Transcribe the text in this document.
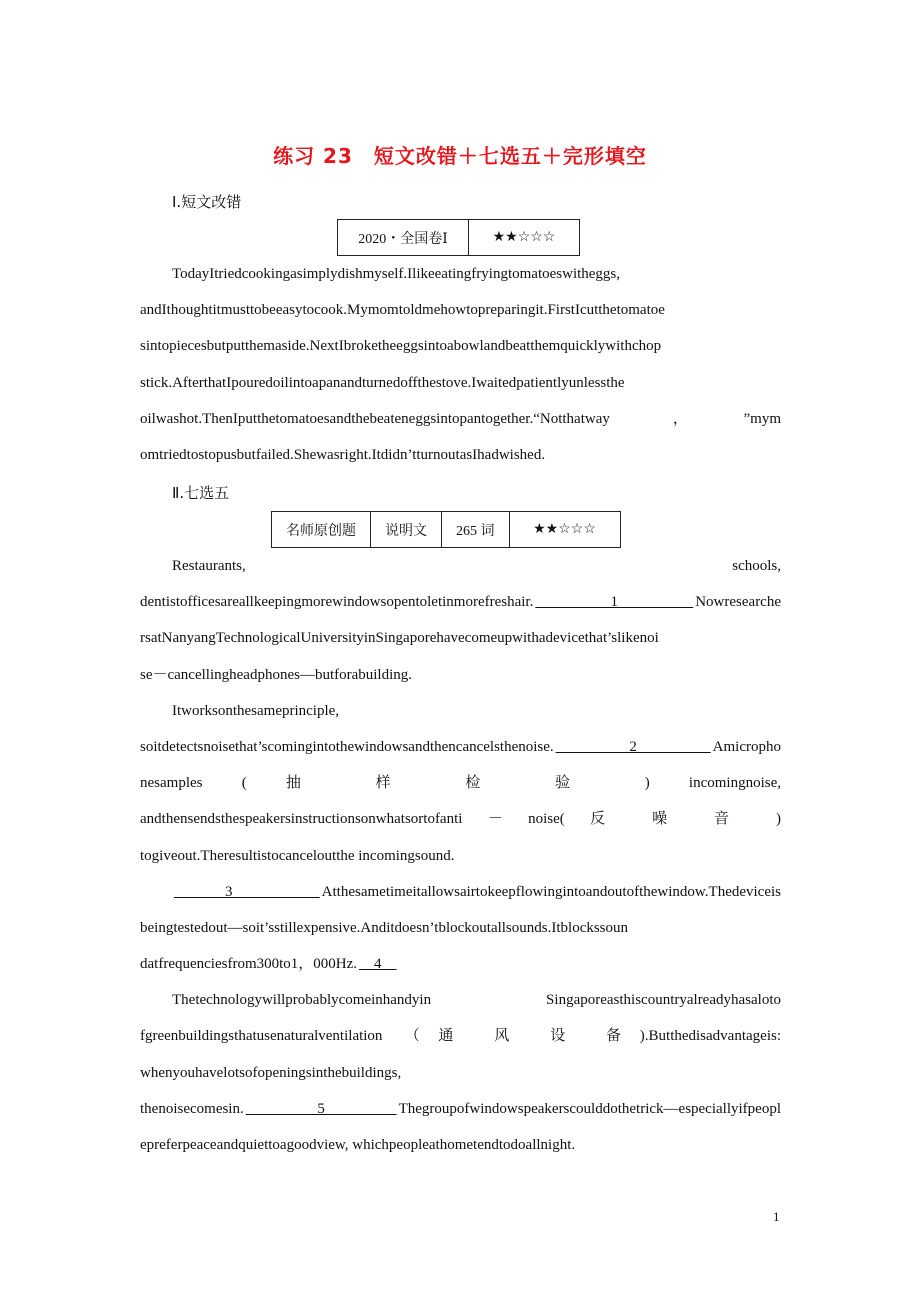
练习 23　短文改错＋七选五＋完形填空
Ⅰ.短文改错
2020・全国卷Ⅰ	★★☆☆☆
TodayItriedcookingasimplydishmyself.Ilikeeatingfryingtomatoeswitheggs,
andIthoughtitmusttobeeasytocook.Mymomtoldmehowtopreparingit.FirstIcutthetomatoe
sintopiecesbutputthemaside.NextIbroketheeggsintoabowlandbeatthemquicklywithchop
stick.AfterthatIpouredoilintoapanandturnedoffthestove.Iwaitedpatientlyunlessthe
oilwashot.ThenIputthetomatoesandthebeateneggsintopantogether.“Notthatway，”mym
omtriedtostopusbutfailed.Shewasright.Itdidn’tturnoutasIhadwished.
Ⅱ.七选五
名师原创题	说明文	265 词	★★☆☆☆
Restaurants, schools,
dentistofficesareallkeepingmorewindowsopentoletinmorefreshair.　1　Nowresearche
rsatNanyangTechnologicalUniversityinSingaporehavecomeupwithadevicethat’slikenoi
se－cancellingheadphones—butforabuilding.
Itworksonthesameprinciple,
soitdetectsnoisethat’scomingintothewindowsandthencancelsthenoise.　2　Amicropho
nesamples ( 抽 样 检 验 ) incomingnoise,
andthensendsthespeakersinstructionsonwhatsortofanti － noise( 反 噪 音 )
togiveout.Theresultistocanceloutthe incomingsound.
　3　Atthesametimeitallowsairtokeepflowingintoandoutofthewindow.Thedeviceis
beingtestedout—soit’sstillexpensive.Anditdoesn’tblockoutallsounds.Itblockssoun
datfrequenciesfrom300to1，000Hz.　4　
Thetechnologywillprobablycomeinhandyin Singaporeasthiscountryalreadyhasaloto
fgreenbuildingsthatusenaturalventilation （通 风 设 备).Butthedisadvantageis:
whenyouhavelotsofopeningsinthebuildings,
thenoisecomesin.　5　Thegroupofwindowspeakerscoulddothetrick—especiallyifpeopl
epreferpeaceandquiettoagoodview, whichpeopleathometendtodoallnight.
1
